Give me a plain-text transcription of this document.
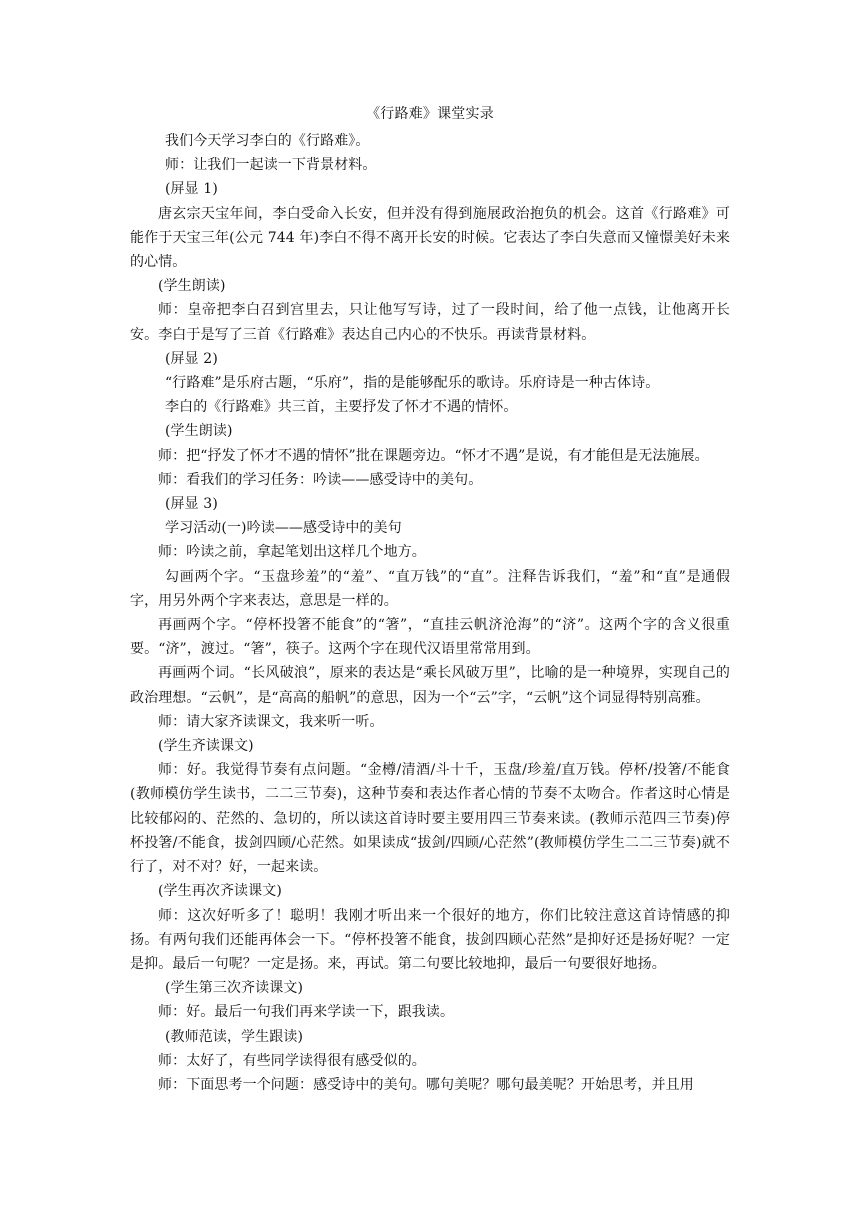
《行路难》课堂实录

我们今天学习李白的《行路难》。

师：让我们一起读一下背景材料。

(屏显 1)

唐玄宗天宝年间，李白受命入长安，但并没有得到施展政治抱负的机会。这首《行路难》可能作于天宝三年(公元 744 年)李白不得不离开长安的时候。它表达了李白失意而又憧憬美好未来的心情。

(学生朗读)

师：皇帝把李白召到宫里去，只让他写写诗，过了一段时间，给了他一点钱，让他离开长安。李白于是写了三首《行路难》表达自己内心的不快乐。再读背景材料。

(屏显 2)

“行路难”是乐府古题，“乐府”，指的是能够配乐的歌诗。乐府诗是一种古体诗。

李白的《行路难》共三首，主要抒发了怀才不遇的情怀。

(学生朗读)

师：把“抒发了怀才不遇的情怀”批在课题旁边。“怀才不遇”是说，有才能但是无法施展。

师：看我们的学习任务：吟读——感受诗中的美句。

(屏显 3)

学习活动(一)吟读——感受诗中的美句

师：吟读之前，拿起笔划出这样几个地方。

勾画两个字。“玉盘珍羞”的“羞”、“直万钱”的“直”。注释告诉我们，“羞”和“直”是通假字，用另外两个字来表达，意思是一样的。

再画两个字。“停杯投箸不能食”的“箸”，“直挂云帆济沧海”的“济”。这两个字的含义很重要。“济”，渡过。“箸”，筷子。这两个字在现代汉语里常常用到。

再画两个词。“长风破浪”，原来的表达是“乘长风破万里”，比喻的是一种境界，实现自己的政治理想。“云帆”，是“高高的船帆”的意思，因为一个“云”字，“云帆”这个词显得特别高雅。

师：请大家齐读课文，我来听一听。

(学生齐读课文)

师：好。我觉得节奏有点问题。“金樽/清酒/斗十千，玉盘/珍羞/直万钱。停杯/投箸/不能食(教师模仿学生读书，二二三节奏)，这种节奏和表达作者心情的节奏不太吻合。作者这时心情是比较郁闷的、茫然的、急切的，所以读这首诗时要主要用四三节奏来读。(教师示范四三节奏)停杯投箸/不能食，拔剑四顾/心茫然。如果读成“拔剑/四顾/心茫然”(教师模仿学生二二三节奏)就不行了，对不对？好，一起来读。

(学生再次齐读课文)

师：这次好听多了！聪明！我刚才听出来一个很好的地方，你们比较注意这首诗情感的抑扬。有两句我们还能再体会一下。“停杯投箸不能食，拔剑四顾心茫然”是抑好还是扬好呢？一定是抑。最后一句呢？一定是扬。来，再试。第二句要比较地抑，最后一句要很好地扬。

(学生第三次齐读课文)

师：好。最后一句我们再来学读一下，跟我读。

(教师范读，学生跟读)

师：太好了，有些同学读得很有感受似的。

师：下面思考一个问题：感受诗中的美句。哪句美呢？哪句最美呢？开始思考，并且用
